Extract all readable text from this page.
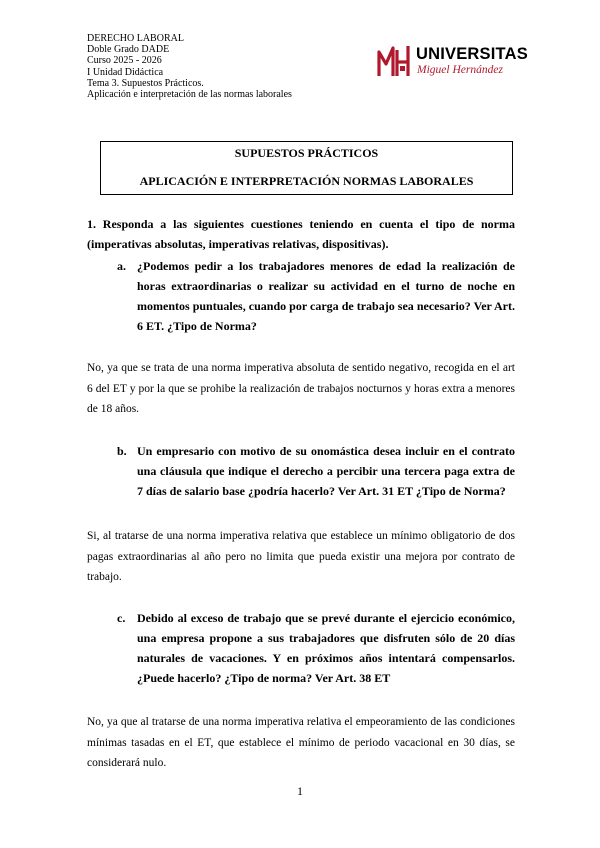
DERECHO LABORAL
Doble Grado DADE
Curso 2025 - 2026
I Unidad Didáctica
Tema 3. Supuestos Prácticos.
Aplicación e interpretación de las normas laborales
UNIVERSITAS
Miguel Hernández
SUPUESTOS PRÁCTICOS
APLICACIÓN E INTERPRETACIÓN NORMAS LABORALES
1. Responda a las siguientes cuestiones teniendo en cuenta el tipo de norma (imperativas absolutas, imperativas relativas, dispositivas).
a. ¿Podemos pedir a los trabajadores menores de edad la realización de horas extraordinarias o realizar su actividad en el turno de noche en momentos puntuales, cuando por carga de trabajo sea necesario? Ver Art. 6 ET. ¿Tipo de Norma?
No, ya que se trata de una norma imperativa absoluta de sentido negativo, recogida en el art 6 del ET y por la que se prohibe la realización de trabajos nocturnos y horas extra a menores de 18 años.
b. Un empresario con motivo de su onomástica desea incluir en el contrato una cláusula que indique el derecho a percibir una tercera paga extra de 7 días de salario base ¿podría hacerlo? Ver Art. 31 ET ¿Tipo de Norma?
Si, al tratarse de una norma imperativa relativa que establece un mínimo obligatorio de dos pagas extraordinarias al año pero no limita que pueda existir una mejora por contrato de trabajo.
c. Debido al exceso de trabajo que se prevé durante el ejercicio económico, una empresa propone a sus trabajadores que disfruten sólo de 20 días naturales de vacaciones. Y en próximos años intentará compensarlos. ¿Puede hacerlo? ¿Tipo de norma? Ver Art. 38 ET
No, ya que al tratarse de una norma imperativa relativa el empeoramiento de las condiciones mínimas tasadas en el ET, que establece el mínimo de periodo vacacional en 30 días, se considerará nulo.
1
